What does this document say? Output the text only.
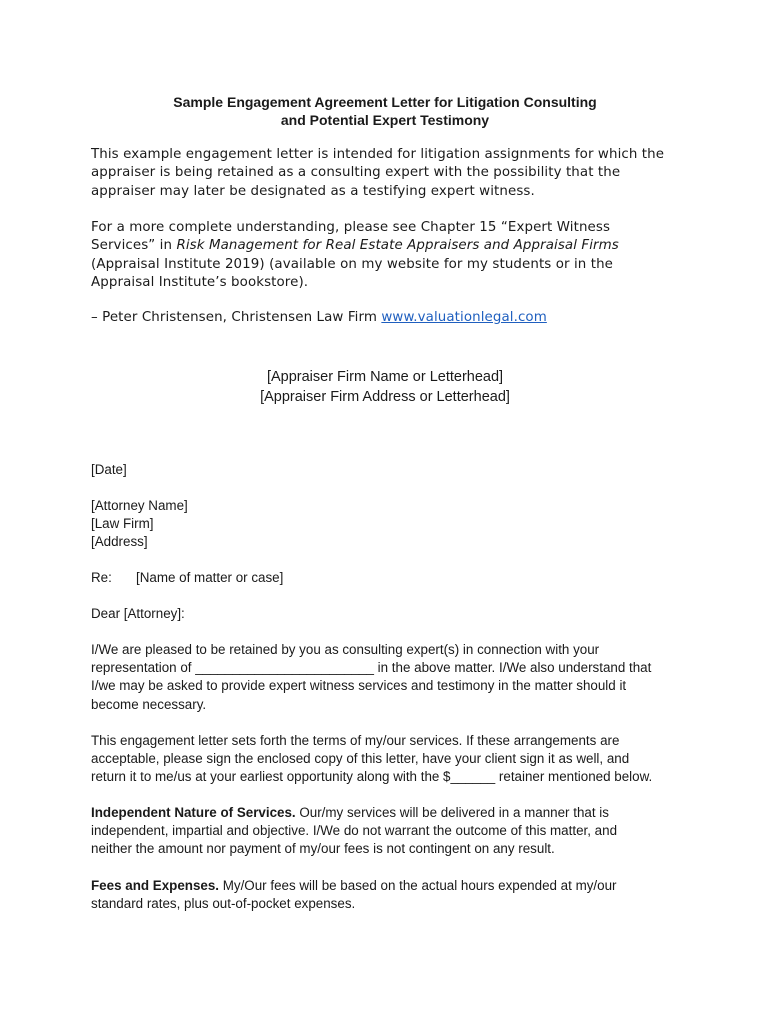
Sample Engagement Agreement Letter for Litigation Consulting
and Potential Expert Testimony

This example engagement letter is intended for litigation assignments for which the

appraiser is being retained as a consulting expert with the possibility that the

appraiser may later be designated as a testifying expert witness.

For a more complete understanding, please see Chapter 15 “Expert Witness

Services” in Risk Management for Real Estate Appraisers and Appraisal Firms

(Appraisal Institute 2019) (available on my website for my students or in the

Appraisal Institute’s bookstore).

– Peter Christensen, Christensen Law Firm www.valuationlegal.com

[Appraiser Firm Name or Letterhead]
[Appraiser Firm Address or Letterhead]

[Date]

[Attorney Name]

[Law Firm]

[Address]

Re: [Name of matter or case]

Dear [Attorney]:

I/We are pleased to be retained by you as consulting expert(s) in connection with your

representation of ________________________ in the above matter. I/We also understand that

I/we may be asked to provide expert witness services and testimony in the matter should it

become necessary.

This engagement letter sets forth the terms of my/our services. If these arrangements are

acceptable, please sign the enclosed copy of this letter, have your client sign it as well, and

return it to me/us at your earliest opportunity along with the $______ retainer mentioned below.

Independent Nature of Services. Our/my services will be delivered in a manner that is

independent, impartial and objective. I/We do not warrant the outcome of this matter, and

neither the amount nor payment of my/our fees is not contingent on any result.

Fees and Expenses. My/Our fees will be based on the actual hours expended at my/our

standard rates, plus out-of-pocket expenses.
